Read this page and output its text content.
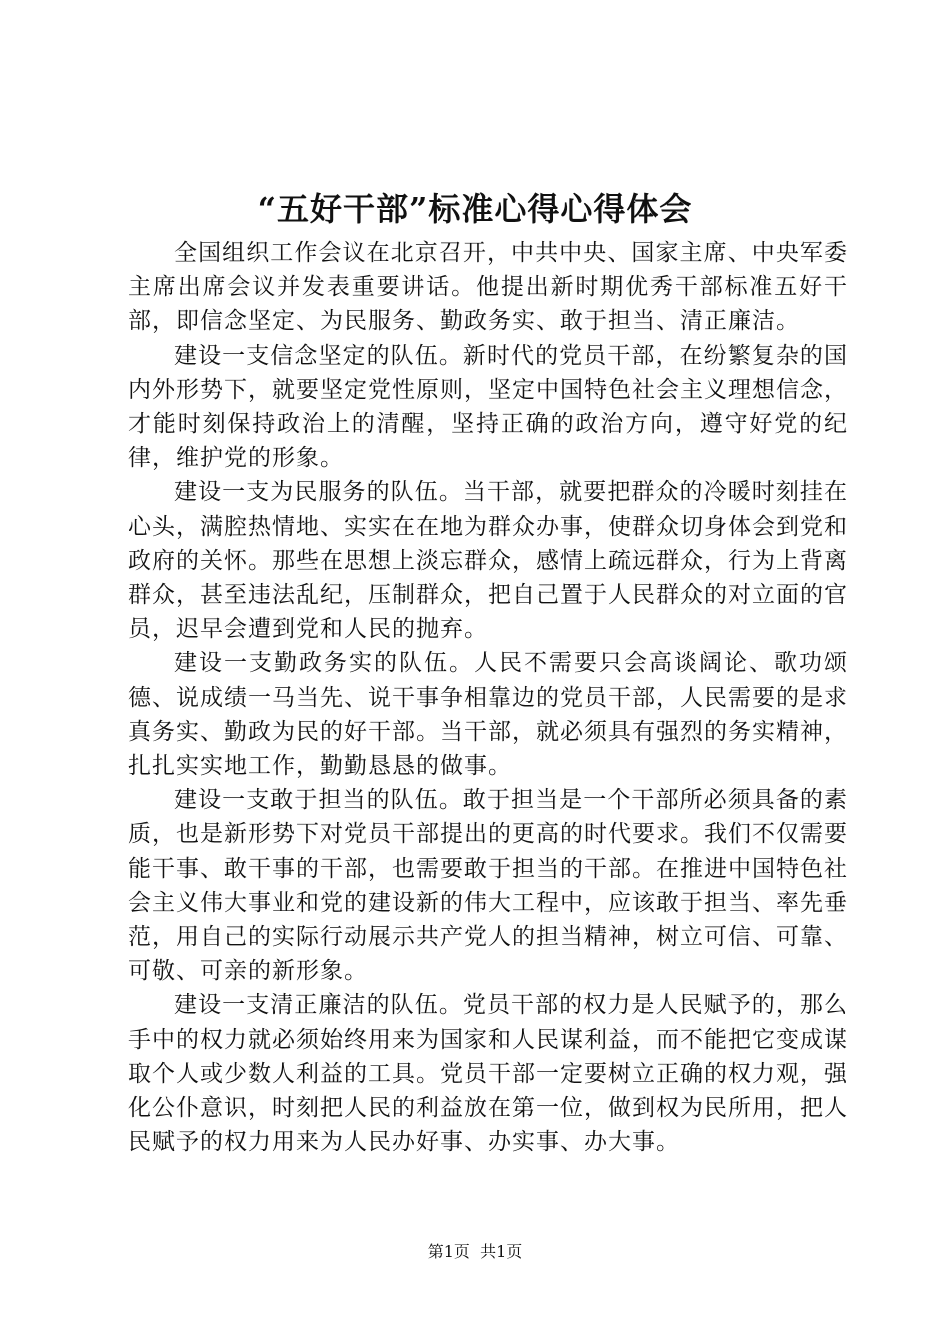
“五好干部”标准心得心得体会

全国组织工作会议在北京召开，中共中央、国家主席、中央军委主席出席会议并发表重要讲话。他提出新时期优秀干部标准五好干部，即信念坚定、为民服务、勤政务实、敢于担当、清正廉洁。

建设一支信念坚定的队伍。新时代的党员干部，在纷繁复杂的国内外形势下，就要坚定党性原则，坚定中国特色社会主义理想信念，才能时刻保持政治上的清醒，坚持正确的政治方向，遵守好党的纪律，维护党的形象。

建设一支为民服务的队伍。当干部，就要把群众的冷暖时刻挂在心头，满腔热情地、实实在在地为群众办事，使群众切身体会到党和政府的关怀。那些在思想上淡忘群众，感情上疏远群众，行为上背离群众，甚至违法乱纪，压制群众，把自己置于人民群众的对立面的官员，迟早会遭到党和人民的抛弃。

建设一支勤政务实的队伍。人民不需要只会高谈阔论、歌功颂德、说成绩一马当先、说干事争相靠边的党员干部，人民需要的是求真务实、勤政为民的好干部。当干部，就必须具有强烈的务实精神，扎扎实实地工作，勤勤恳恳的做事。

建设一支敢于担当的队伍。敢于担当是一个干部所必须具备的素质，也是新形势下对党员干部提出的更高的时代要求。我们不仅需要能干事、敢干事的干部，也需要敢于担当的干部。在推进中国特色社会主义伟大事业和党的建设新的伟大工程中，应该敢于担当、率先垂范，用自己的实际行动展示共产党人的担当精神，树立可信、可靠、可敬、可亲的新形象。

建设一支清正廉洁的队伍。党员干部的权力是人民赋予的，那么手中的权力就必须始终用来为国家和人民谋利益，而不能把它变成谋取个人或少数人利益的工具。党员干部一定要树立正确的权力观，强化公仆意识，时刻把人民的利益放在第一位，做到权为民所用，把人民赋予的权力用来为人民办好事、办实事、办大事。

第1页  共1页
